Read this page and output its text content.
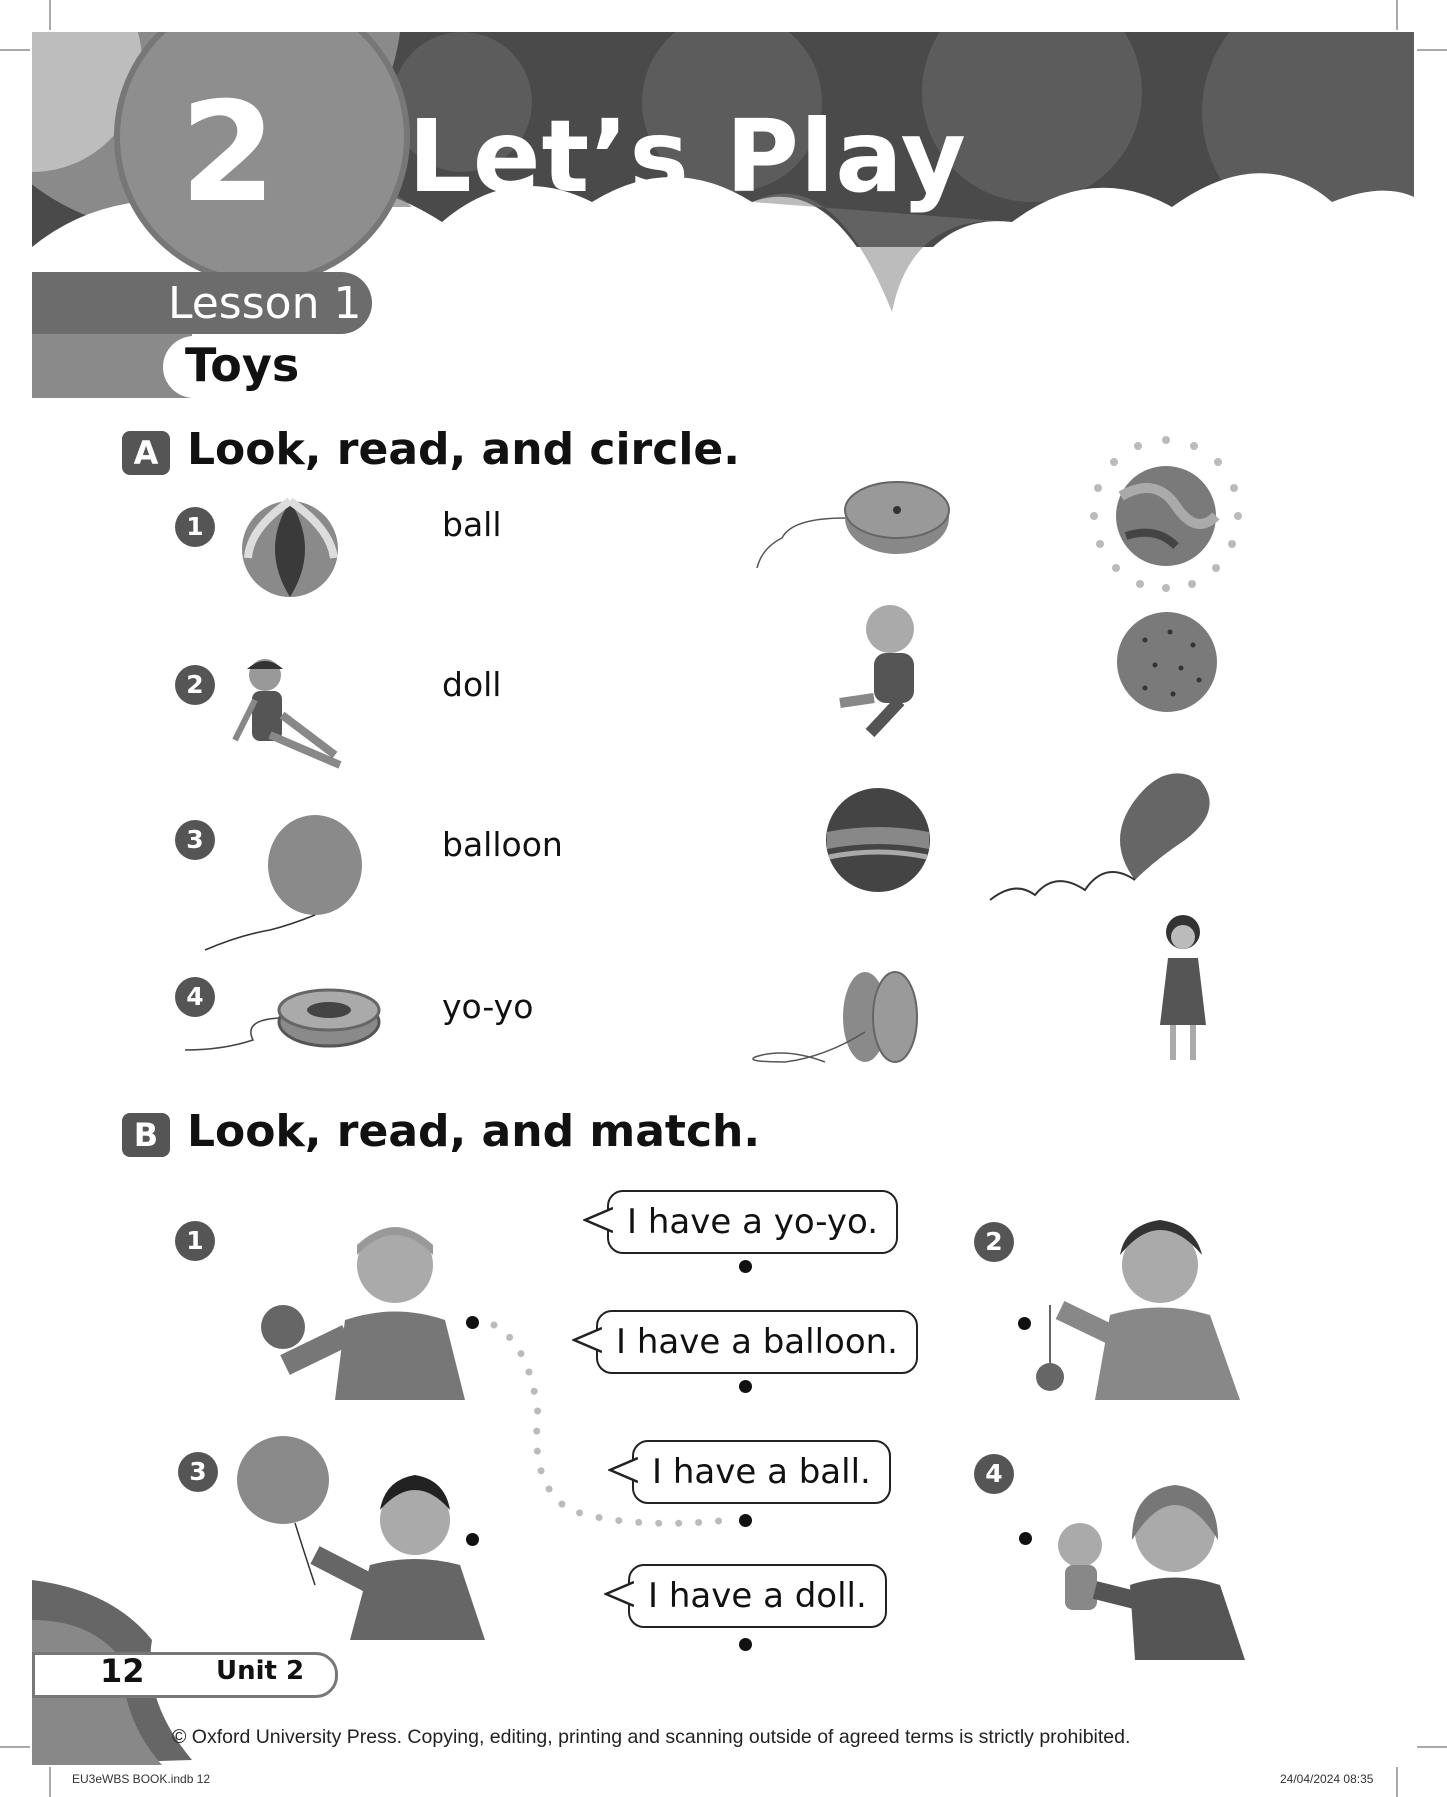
2 Let’s Play
Lesson 1
Toys
A Look, read, and circle.
1
2
3
4
ball
doll
balloon
yo-yo
B Look, read, and match.
1	2
3	4
I have a yo-yo.
I have a balloon.
I have a ball.
I have a doll.
12	Unit 2
© Oxford University Press. Copying, editing, printing and scanning outside of agreed terms is strictly prohibited.
EU3eWBS BOOK.indb 12	24/04/2024 08:35
